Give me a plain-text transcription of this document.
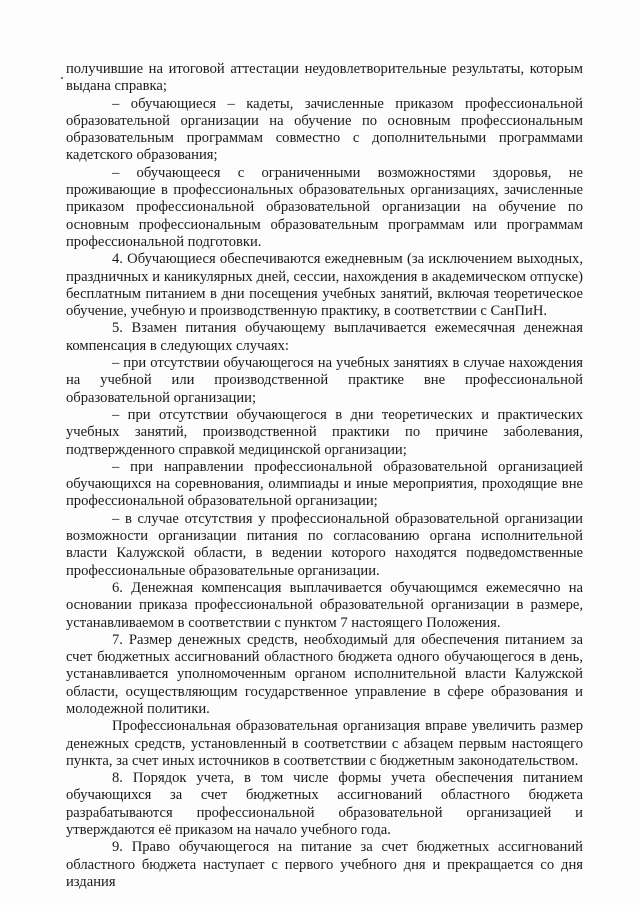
получившие на итоговой аттестации неудовлетворительные результаты, которым выдана справка;

– обучающиеся – кадеты, зачисленные приказом профессиональной образовательной организации на обучение по основным профессиональным образовательным программам совместно с дополнительными программами кадетского образования;

– обучающееся с ограниченными возможностями здоровья, не проживающие в профессиональных образовательных организациях, зачисленные приказом профессиональной образовательной организации на обучение по основным профессиональным образовательным программам или программам профессиональной подготовки.

4. Обучающиеся обеспечиваются ежедневным (за исключением выходных, праздничных и каникулярных дней, сессии, нахождения в академическом отпуске) бесплатным питанием в дни посещения учебных занятий, включая теоретическое обучение, учебную и производственную практику, в соответствии с СанПиН.

5. Взамен питания обучающему выплачивается ежемесячная денежная компенсация в следующих случаях:

– при отсутствии обучающегося на учебных занятиях в случае нахождения на учебной или производственной практике вне профессиональной образовательной организации;

– при отсутствии обучающегося в дни теоретических и практических учебных занятий, производственной практики по причине заболевания, подтвержденного справкой медицинской организации;

– при направлении профессиональной образовательной организацией обучающихся на соревнования, олимпиады и иные мероприятия, проходящие вне профессиональной образовательной организации;

– в случае отсутствия у профессиональной образовательной организации возможности организации питания по согласованию органа исполнительной власти Калужской области, в ведении которого находятся подведомственные профессиональные образовательные организации.

6. Денежная компенсация выплачивается обучающимся ежемесячно на основании приказа профессиональной образовательной организации в размере, устанавливаемом в соответствии с пунктом 7 настоящего Положения.

7. Размер денежных средств, необходимый для обеспечения питанием за счет бюджетных ассигнований областного бюджета одного обучающегося в день, устанавливается уполномоченным органом исполнительной власти Калужской области, осуществляющим государственное управление в сфере образования и молодежной политики.

Профессиональная образовательная организация вправе увеличить размер денежных средств, установленный в соответствии с абзацем первым настоящего пункта, за счет иных источников в соответствии с бюджетным законодательством.

8. Порядок учета, в том числе формы учета обеспечения питанием обучающихся за счет бюджетных ассигнований областного бюджета разрабатываются профессиональной образовательной организацией и утверждаются её приказом на начало учебного года.

9. Право обучающегося на питание за счет бюджетных ассигнований областного бюджета наступает с первого учебного дня и прекращается со дня издания
